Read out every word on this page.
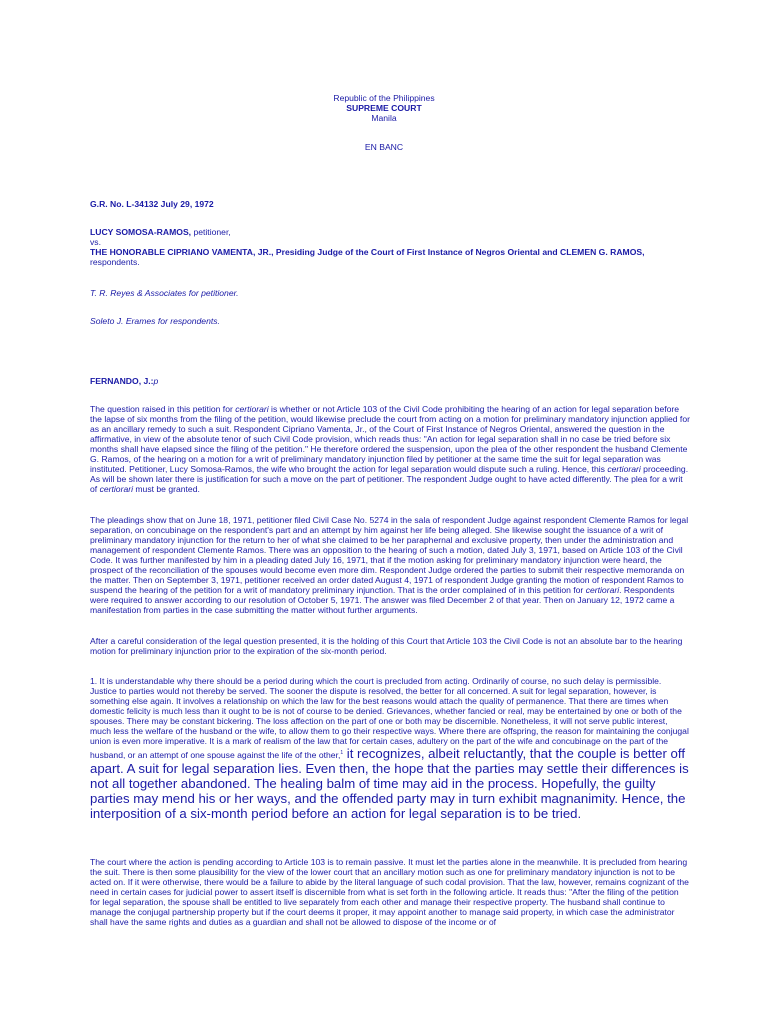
Republic of the Philippines
SUPREME COURT
Manila
EN BANC
G.R. No. L-34132 July 29, 1972
LUCY SOMOSA-RAMOS, petitioner,
vs.
THE HONORABLE CIPRIANO VAMENTA, JR., Presiding Judge of the Court of First Instance of Negros Oriental and CLEMEN G. RAMOS, respondents.
T. R. Reyes & Associates for petitioner.
Soleto J. Erames for respondents.
FERNANDO, J.:p

The question raised in this petition for certiorari is whether or not Article 103 of the Civil Code prohibiting the hearing of an action for legal separation before the lapse of six months from the filing of the petition, would likewise preclude the court from acting on a motion for preliminary mandatory injunction applied for as an ancillary remedy to such a suit. Respondent Cipriano Vamenta, Jr., of the Court of First Instance of Negros Oriental, answered the question in the affirmative, in view of the absolute tenor of such Civil Code provision, which reads thus: "An action for legal separation shall in no case be tried before six months shall have elapsed since the filing of the petition." He therefore ordered the suspension, upon the plea of the other respondent the husband Clemente G. Ramos, of the hearing on a motion for a writ of preliminary mandatory injunction filed by petitioner at the same time the suit for legal separation was instituted. Petitioner, Lucy Somosa-Ramos, the wife who brought the action for legal separation would dispute such a ruling. Hence, this certiorari proceeding. As will be shown later there is justification for such a move on the part of petitioner. The respondent Judge ought to have acted differently. The plea for a writ of certiorari must be granted.

The pleadings show that on June 18, 1971, petitioner filed Civil Case No. 5274 in the sala of respondent Judge against respondent Clemente Ramos for legal separation, on concubinage on the respondent's part and an attempt by him against her life being alleged. She likewise sought the issuance of a writ of preliminary mandatory injunction for the return to her of what she claimed to be her paraphernal and exclusive property, then under the administration and management of respondent Clemente Ramos. There was an opposition to the hearing of such a motion, dated July 3, 1971, based on Article 103 of the Civil Code. It was further manifested by him in a pleading dated July 16, 1971, that if the motion asking for preliminary mandatory injunction were heard, the prospect of the reconciliation of the spouses would become even more dim. Respondent Judge ordered the parties to submit their respective memoranda on the matter. Then on September 3, 1971, petitioner received an order dated August 4, 1971 of respondent Judge granting the motion of respondent Ramos to suspend the hearing of the petition for a writ of mandatory preliminary injunction. That is the order complained of in this petition for certiorari. Respondents were required to answer according to our resolution of October 5, 1971. The answer was filed December 2 of that year. Then on January 12, 1972 came a manifestation from parties in the case submitting the matter without further arguments.

After a careful consideration of the legal question presented, it is the holding of this Court that Article 103 the Civil Code is not an absolute bar to the hearing motion for preliminary injunction prior to the expiration of the six-month period.

1. It is understandable why there should be a period during which the court is precluded from acting. Ordinarily of course, no such delay is permissible. Justice to parties would not thereby be served. The sooner the dispute is resolved, the better for all concerned. A suit for legal separation, however, is something else again. It involves a relationship on which the law for the best reasons would attach the quality of permanence. That there are times when domestic felicity is much less than it ought to be is not of course to be denied. Grievances, whether fancied or real, may be entertained by one or both of the spouses. There may be constant bickering. The loss affection on the part of one or both may be discernible. Nonetheless, it will not serve public interest, much less the welfare of the husband or the wife, to allow them to go their respective ways. Where there are offspring, the reason for maintaining the conjugal union is even more imperative. It is a mark of realism of the law that for certain cases, adultery on the part of the wife and concubinage on the part of the husband, or an attempt of one spouse against the life of the other,$^1$ it recognizes, albeit reluctantly, that the couple is better off apart. A suit for legal separation lies. Even then, the hope that the parties may settle their differences is not all together abandoned. The healing balm of time may aid in the process. Hopefully, the guilty parties may mend his or her ways, and the offended party may in turn exhibit magnanimity. Hence, the interposition of a six-month period before an action for legal separation is to be tried.

The court where the action is pending according to Article 103 is to remain passive. It must let the parties alone in the meanwhile. It is precluded from hearing the suit. There is then some plausibility for the view of the lower court that an ancillary motion such as one for preliminary mandatory injunction is not to be acted on. If it were otherwise, there would be a failure to abide by the literal language of such codal provision. That the law, however, remains cognizant of the need in certain cases for judicial power to assert itself is discernible from what is set forth in the following article. It reads thus: "After the filing of the petition for legal separation, the spouse shall be entitled to live separately from each other and manage their respective property. The husband shall continue to manage the conjugal partnership property but if the court deems it proper, it may appoint another to manage said property, in which case the administrator shall have the same rights and duties as a guardian and shall not be allowed to dispose of the income or of
